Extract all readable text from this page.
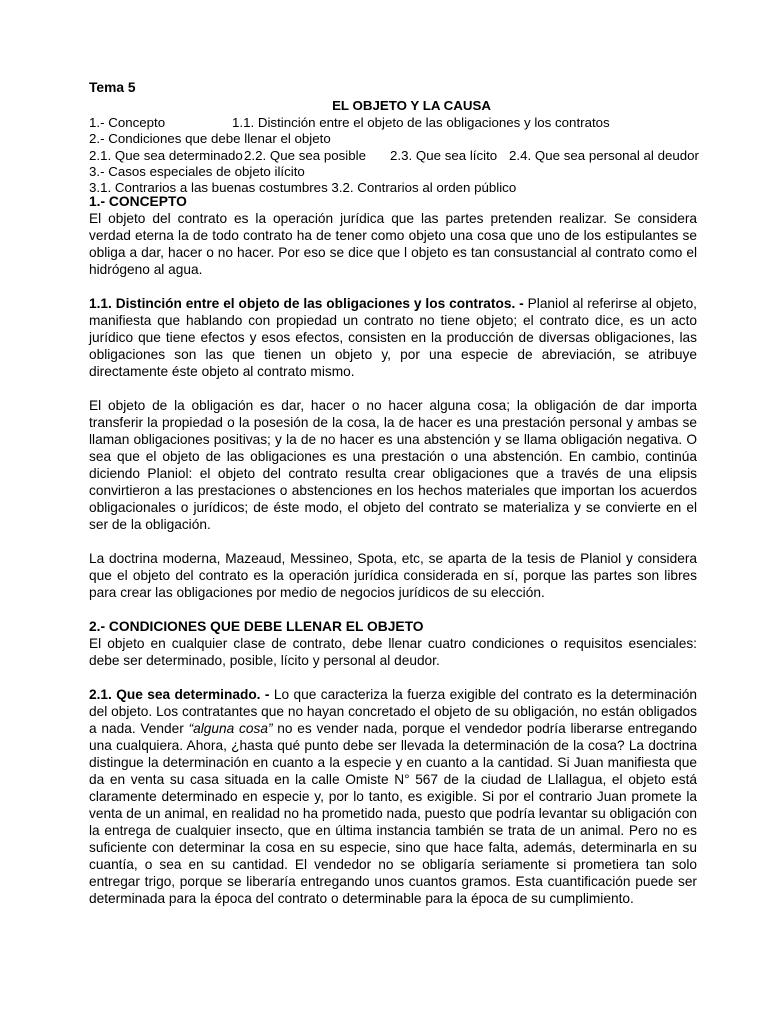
Tema 5
EL OBJETO Y LA CAUSA
1.- Concepto	1.1. Distinción entre el objeto de las obligaciones y los contratos
2.- Condiciones que debe llenar el objeto
2.1. Que sea determinado 2.2. Que sea posible 2.3. Que sea lícito 2.4. Que sea personal al deudor
3.- Casos especiales de objeto ilícito
3.1. Contrarios a las buenas costumbres 3.2. Contrarios al orden público
1.- CONCEPTO

El objeto del contrato es la operación jurídica que las partes pretenden realizar. Se considera verdad eterna la de todo contrato ha de tener como objeto una cosa que uno de los estipulantes se obliga a dar, hacer o no hacer. Por eso se dice que l objeto es tan consustancial al contrato como el hidrógeno al agua.

1.1. Distinción entre el objeto de las obligaciones y los contratos. - Planiol al referirse al objeto, manifiesta que hablando con propiedad un contrato no tiene objeto; el contrato dice, es un acto jurídico que tiene efectos y esos efectos, consisten en la producción de diversas obligaciones, las obligaciones son las que tienen un objeto y, por una especie de abreviación, se atribuye directamente éste objeto al contrato mismo.

El objeto de la obligación es dar, hacer o no hacer alguna cosa; la obligación de dar importa transferir la propiedad o la posesión de la cosa, la de hacer es una prestación personal y ambas se llaman obligaciones positivas; y la de no hacer es una abstención y se llama obligación negativa. O sea que el objeto de las obligaciones es una prestación o una abstención. En cambio, continúa diciendo Planiol: el objeto del contrato resulta crear obligaciones que a través de una elipsis convirtieron a las prestaciones o abstenciones en los hechos materiales que importan los acuerdos obligacionales o jurídicos; de éste modo, el objeto del contrato se materializa y se convierte en el ser de la obligación.

La doctrina moderna, Mazeaud, Messineo, Spota, etc, se aparta de la tesis de Planiol y considera que el objeto del contrato es la operación jurídica considerada en sí, porque las partes son libres para crear las obligaciones por medio de negocios jurídicos de su elección.

2.- CONDICIONES QUE DEBE LLENAR EL OBJETO

El objeto en cualquier clase de contrato, debe llenar cuatro condiciones o requisitos esenciales: debe ser determinado, posible, lícito y personal al deudor.

2.1. Que sea determinado. - Lo que caracteriza la fuerza exigible del contrato es la determinación del objeto. Los contratantes que no hayan concretado el objeto de su obligación, no están obligados a nada. Vender “alguna cosa” no es vender nada, porque el vendedor podría liberarse entregando una cualquiera. Ahora, ¿hasta qué punto debe ser llevada la determinación de la cosa? La doctrina distingue la determinación en cuanto a la especie y en cuanto a la cantidad. Si Juan manifiesta que da en venta su casa situada en la calle Omiste N° 567 de la ciudad de Llallagua, el objeto está claramente determinado en especie y, por lo tanto, es exigible. Si por el contrario Juan promete la venta de un animal, en realidad no ha prometido nada, puesto que podría levantar su obligación con la entrega de cualquier insecto, que en última instancia también se trata de un animal. Pero no es suficiente con determinar la cosa en su especie, sino que hace falta, además, determinarla en su cuantía, o sea en su cantidad. El vendedor no se obligaría seriamente si prometiera tan solo entregar trigo, porque se liberaría entregando unos cuantos gramos. Esta cuantificación puede ser determinada para la época del contrato o determinable para la época de su cumplimiento.
